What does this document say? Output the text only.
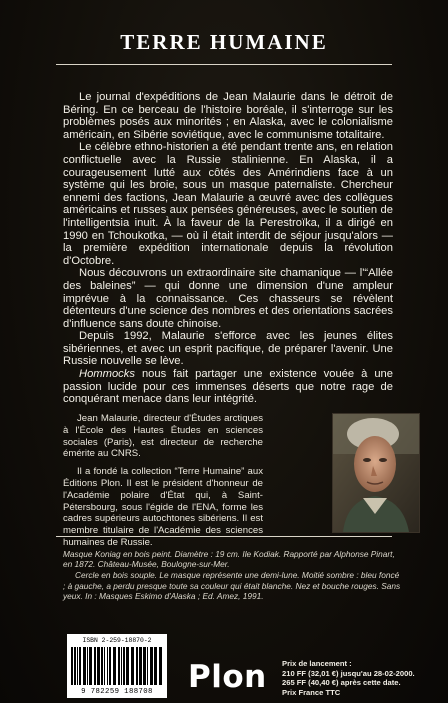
TERRE HUMAINE

Le journal d'expéditions de Jean Malaurie dans le détroit de Béring. En ce berceau de l'histoire boréale, il s'interroge sur les problèmes posés aux minorités ; en Alaska, avec le colonialisme américain, en Sibérie soviétique, avec le communisme totalitaire.

Le célèbre ethno-historien a été pendant trente ans, en relation conflictuelle avec la Russie stalinienne. En Alaska, il a courageusement lutté aux côtés des Amérindiens face à un système qui les broie, sous un masque paternaliste. Chercheur ennemi des factions, Jean Malaurie a œuvré avec des collègues américains et russes aux pensées généreuses, avec le soutien de l'intelligentsia inuit. À la faveur de la Perestroïka, il a dirigé en 1990 en Tchoukotka, — où il était interdit de séjour jusqu'alors — la première expédition internationale depuis la révolution d'Octobre.

Nous découvrons un extraordinaire site chamanique — l'“Allée des baleines” — qui donne une dimension d'une ampleur imprévue à la connaissance. Ces chasseurs se révèlent détenteurs d'une science des nombres et des orientations sacrées d'influence sans doute chinoise.

Depuis 1992, Malaurie s'efforce avec les jeunes élites sibériennes, et avec un esprit pacifique, de préparer l'avenir. Une Russie nouvelle se lève.

Hommocks nous fait partager une existence vouée à une passion lucide pour ces immenses déserts que notre rage de conquérant menace dans leur intégrité.

Jean Malaurie, directeur d'Études arctiques à l'École des Hautes Études en sciences sociales (Paris), est directeur de recherche émérite au CNRS.

Il a fondé la collection “Terre Humaine” aux Éditions Plon. Il est le président d'honneur de l'Académie polaire d'État qui, à Saint-Pétersbourg, sous l'égide de l'ENA, forme les cadres supérieurs autochtones sibériens. Il est membre titulaire de l'Académie des sciences humaines de Russie.

Masque Koniag en bois peint. Diamètre : 19 cm. Ile Kodiak. Rapporté par Alphonse Pinart, en 1872. Château-Musée, Boulogne-sur-Mer.

Cercle en bois souple. Le masque représente une demi-lune. Moitié sombre : bleu foncé ; à gauche, a perdu presque toute sa couleur qui était blanche. Nez et bouche rouges. Sans yeux. In : Masques Eskimo d'Alaska ; Ed. Amez, 1991.

ISBN 2-259-18870-2
9 782259 188708	Plon Prix de lancement :
210 FF (32,01 €) jusqu'au 28-02-2000.
265 FF (40,40 €) après cette date.
Prix France TTC
